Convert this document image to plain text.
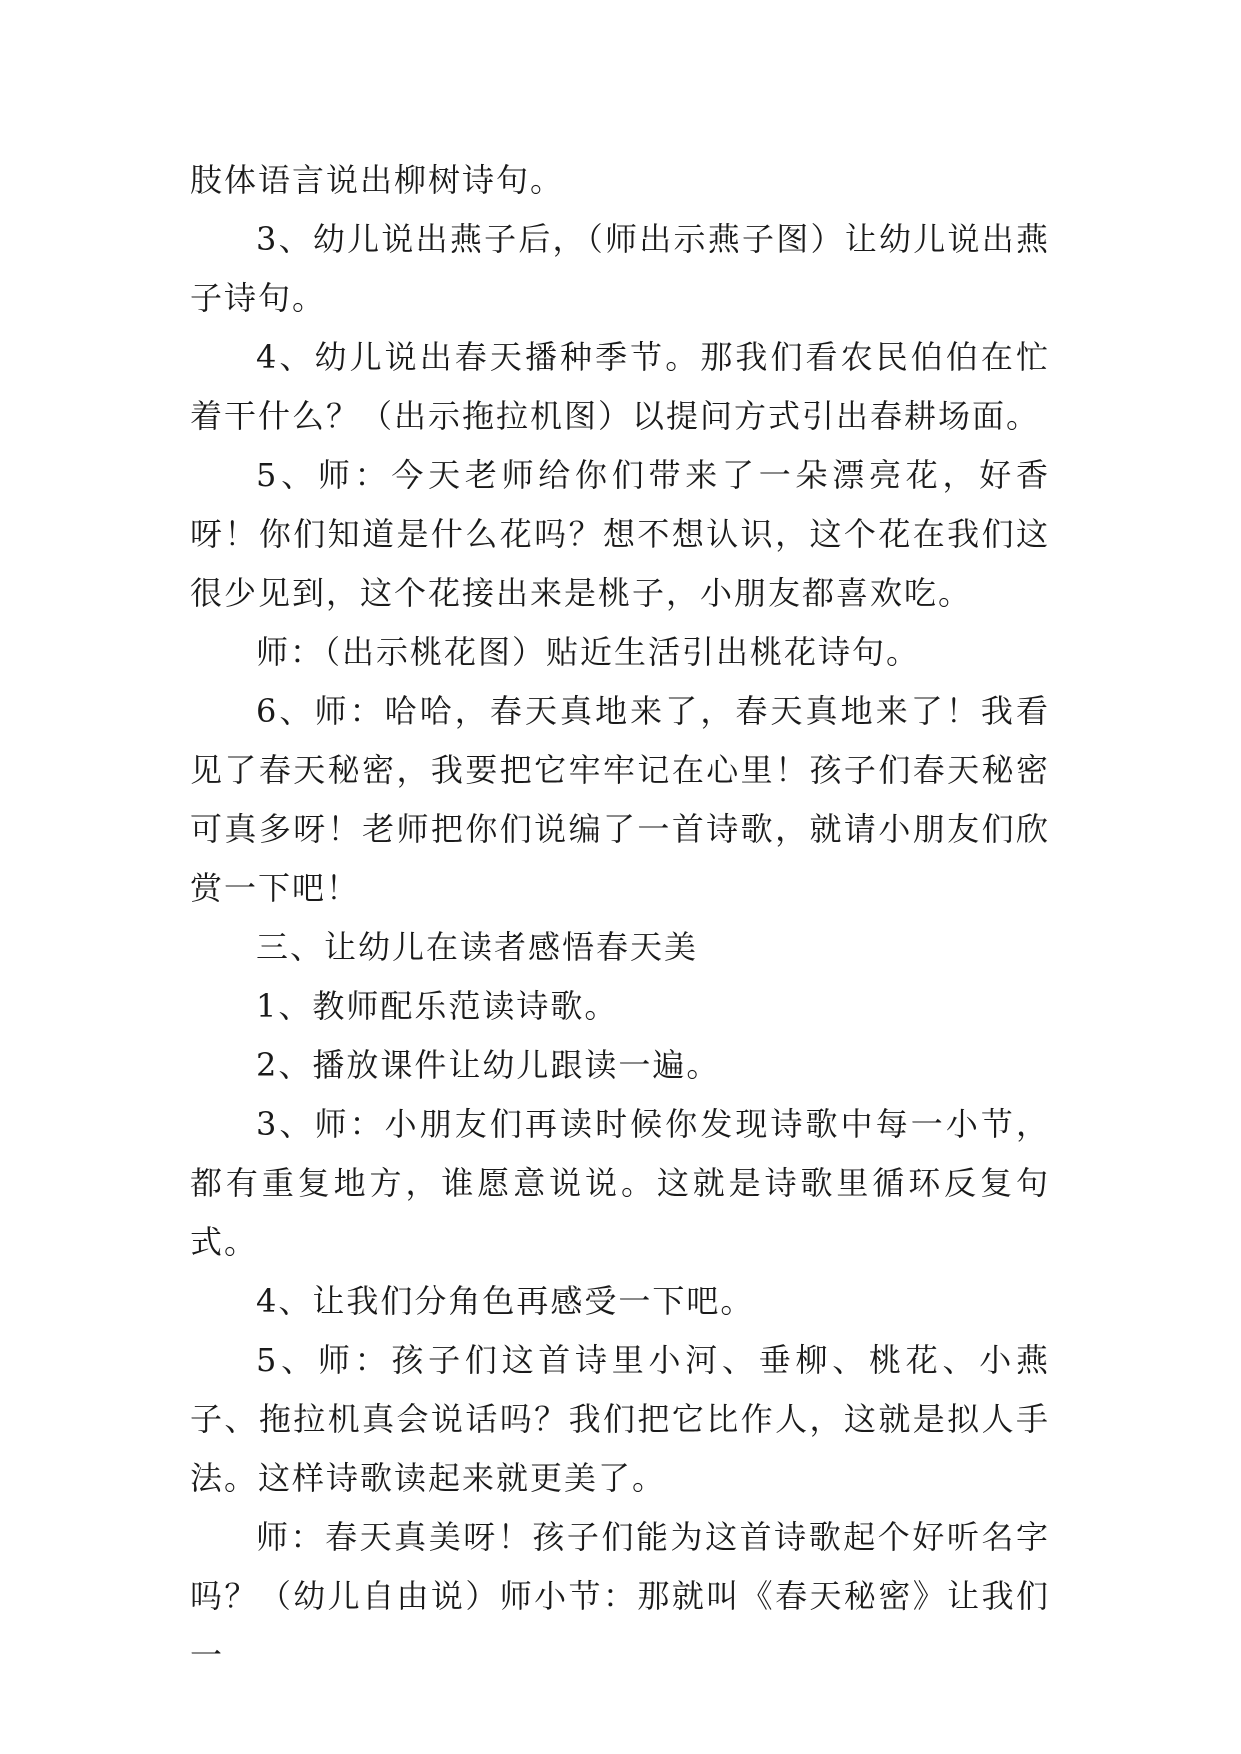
肢体语言说出柳树诗句。

3、幼儿说出燕子后，（师出示燕子图）让幼儿说出燕子诗句。

4、幼儿说出春天播种季节。那我们看农民伯伯在忙着干什么？（出示拖拉机图）以提问方式引出春耕场面。

5、师：今天老师给你们带来了一朵漂亮花，好香呀！你们知道是什么花吗？想不想认识，这个花在我们这很少见到，这个花接出来是桃子，小朋友都喜欢吃。

师：（出示桃花图）贴近生活引出桃花诗句。

6、师：哈哈，春天真地来了，春天真地来了！我看见了春天秘密，我要把它牢牢记在心里！孩子们春天秘密可真多呀！老师把你们说编了一首诗歌，就请小朋友们欣赏一下吧！

三、让幼儿在读者感悟春天美

1、教师配乐范读诗歌。

2、播放课件让幼儿跟读一遍。

3、师：小朋友们再读时候你发现诗歌中每一小节，都有重复地方，谁愿意说说。这就是诗歌里循环反复句式。

4、让我们分角色再感受一下吧。

5、师：孩子们这首诗里小河、垂柳、桃花、小燕子、拖拉机真会说话吗？我们把它比作人，这就是拟人手法。这样诗歌读起来就更美了。

师：春天真美呀！孩子们能为这首诗歌起个好听名字吗？（幼儿自由说）师小节：那就叫《春天秘密》让我们一
